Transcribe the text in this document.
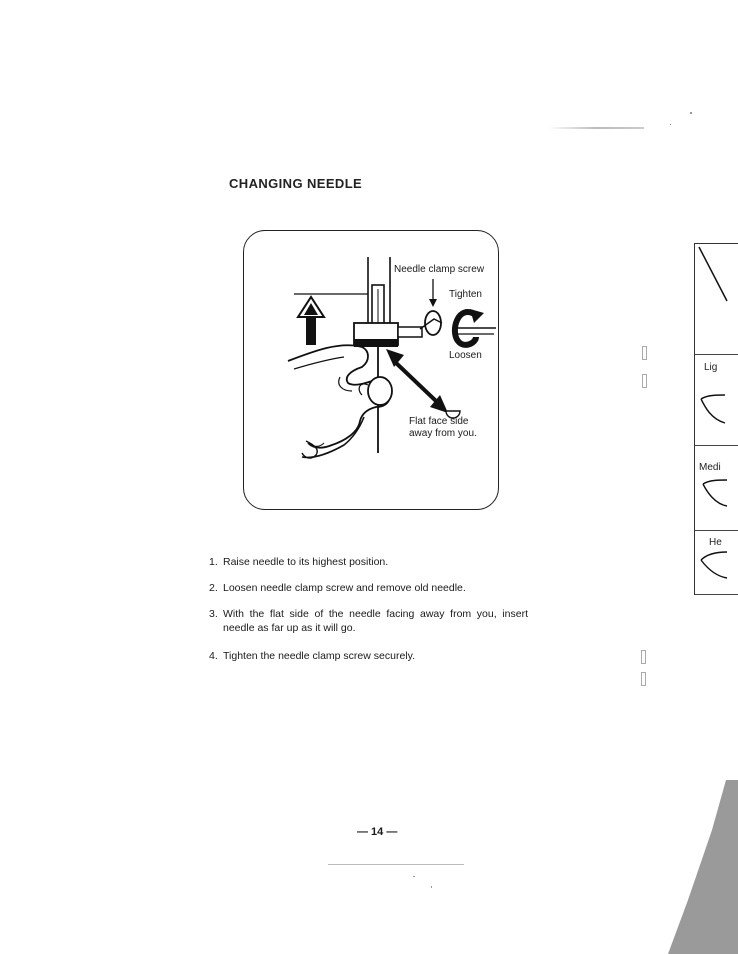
CHANGING NEEDLE
Needle clamp screw
Tighten
Loosen
Flat face side
away from you.
1. Raise needle to its highest position.
2. Loosen needle clamp screw and remove old needle.
3. With the flat side of the needle facing away from you, insert needle as far up as it will go.
4. Tighten the needle clamp screw securely.
— 14 —
Lig
Medi
He
